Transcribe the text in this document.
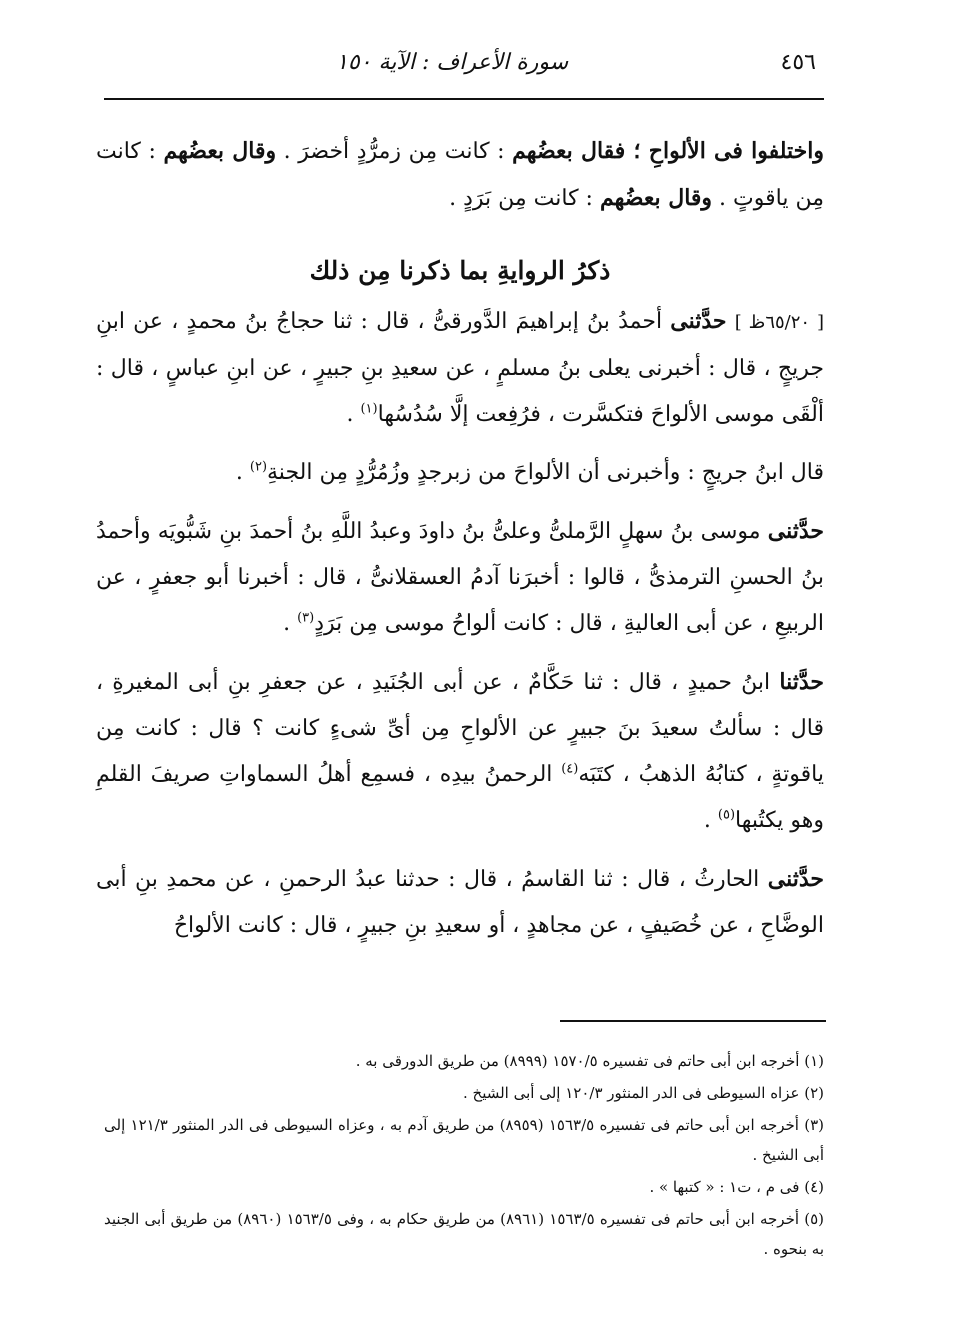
٤٥٦
سورة الأعراف : الآية ١٥٠

واختلفوا فى الألواحِ ؛ فقال بعضُهم : كانت مِن زمرُّدٍ أخضرَ . وقال بعضُهم : كانت مِن ياقوتٍ . وقال بعضُهم : كانت مِن بَرَدٍ .

ذكرُ الروايةِ بما ذكرنا مِن ذلك

[ ٦٥/٢٠ظ ] حدَّثنى أحمدُ بنُ إبراهيمَ الدَّورقىُّ ، قال : ثنا حجاجُ بنُ محمدٍ ، عن ابنِ جريجٍ ، قال : أخبرنى يعلى بنُ مسلمٍ ، عن سعيدِ بنِ جبيرٍ ، عن ابنِ عباسٍ ، قال : ألْقَى موسى الألواحَ فتكسَّرت ، فرُفِعت إلَّا سُدُسُها$^{(١)}$ .

قال ابنُ جريجٍ : وأخبرنى أن الألواحَ من زبرجدٍ وزُمُرُّدٍ مِن الجنةِ$^{(٢)}$ .

حدَّثنى موسى بنُ سهلٍ الرَّملىُّ وعلىُّ بنُ داودَ وعبدُ اللَّهِ بنُ أحمدَ بنِ شَبُّويَه وأحمدُ بنُ الحسنِ الترمذىُّ ، قالوا : أخبرَنا آدمُ العسقلانىُّ ، قال : أخبرنا أبو جعفرٍ ، عن الربيعِ ، عن أبى العاليةِ ، قال : كانت ألواحُ موسى مِن بَرَدٍ$^{(٣)}$ .

حدَّثنا ابنُ حميدٍ ، قال : ثنا حَكَّامٌ ، عن أبى الجُنَيدِ ، عن جعفرِ بنِ أبى المغيرةِ ، قال : سألتُ سعيدَ بنَ جبيرٍ عن الألواحِ مِن أىِّ شىءٍ كانت ؟ قال : كانت مِن ياقوتةٍ ، كتابُهُ الذهبُ ، كتَبَه$^{(٤)}$ الرحمنُ بيدِه ، فسمِع أهلُ السماواتِ صريفَ القلمِ وهو يكتُبها$^{(٥)}$ .

حدَّثنى الحارثُ ، قال : ثنا القاسمُ ، قال : حدثنا عبدُ الرحمنِ ، عن محمدِ بنِ أبى الوضَّاحِ ، عن خُصَيفٍ ، عن مجاهدٍ ، أو سعيدِ بنِ جبيرٍ ، قال : كانت الألواحُ

(١) أخرجه ابن أبى حاتم فى تفسيره ١٥٧٠/٥ (٨٩٩٩) من طريق الدورقى به .

(٢) عزاه السيوطى فى الدر المنثور ١٢٠/٣ إلى أبى الشيخ .

(٣) أخرجه ابن أبى حاتم فى تفسيره ١٥٦٣/٥ (٨٩٥٩) من طريق آدم به ، وعزاه السيوطى فى الدر المنثور ١٢١/٣ إلى أبى الشيخ .

(٤) فى م ، ت١ : « كتبها » .

(٥) أخرجه ابن أبى حاتم فى تفسيره ١٥٦٣/٥ (٨٩٦١) من طريق حكام به ، وفى ١٥٦٣/٥ (٨٩٦٠) من طريق أبى الجنيد به بنحوه .
